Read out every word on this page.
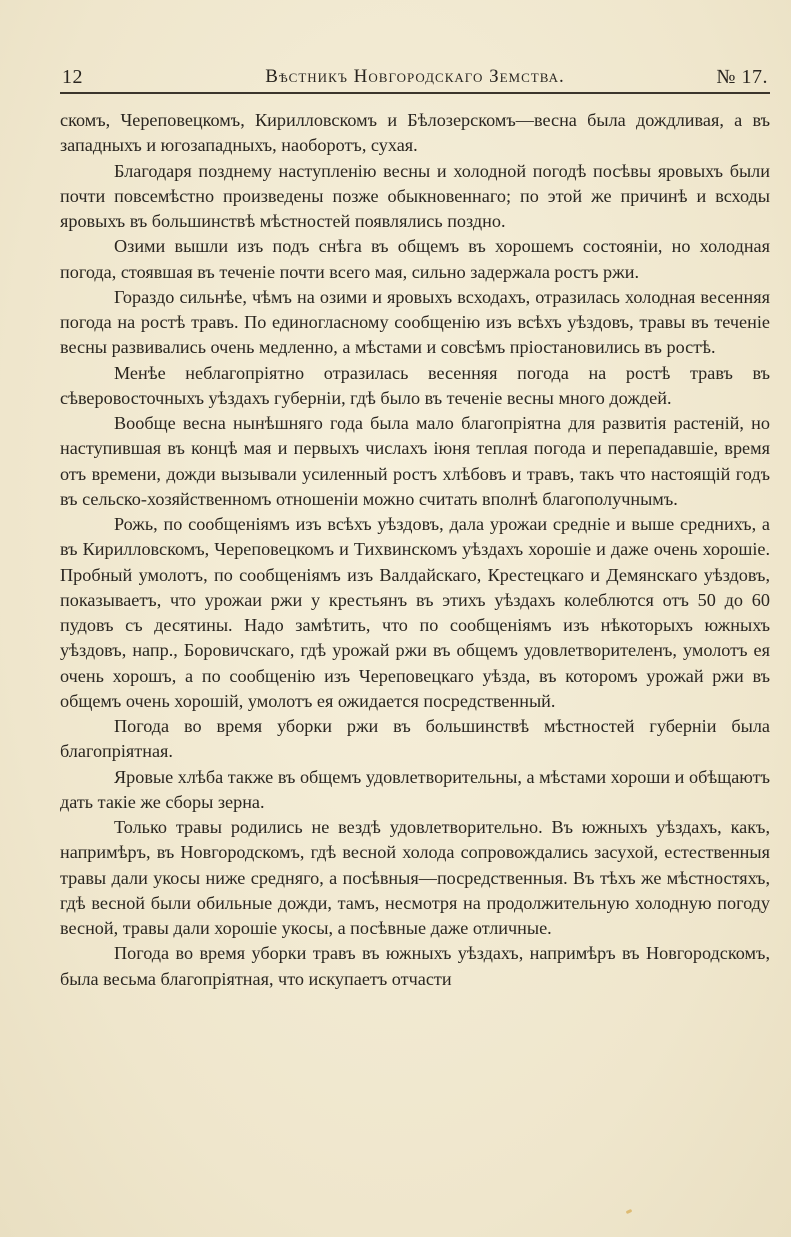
12	Вѣстникъ Новгородскаго Земства.	№ 17.

скомъ, Череповецкомъ, Кирилловскомъ и Бѣлозерскомъ—весна была дождливая, а въ западныхъ и югозападныхъ, наоборотъ, сухая.

Благодаря позднему наступленію весны и холодной погодѣ посѣвы яровыхъ были почти повсемѣстно произведены позже обыкновеннаго; по этой же причинѣ и всходы яровыхъ въ большинствѣ мѣстностей появлялись поздно.

Озими вышли изъ подъ снѣга въ общемъ въ хорошемъ состояніи, но холодная погода, стоявшая въ теченіе почти всего мая, сильно задержала ростъ ржи.

Гораздо сильнѣе, чѣмъ на озими и яровыхъ всходахъ, отразилась холодная весенняя погода на ростѣ травъ. По единогласному сообщенію изъ всѣхъ уѣздовъ, травы въ теченіе весны развивались очень медленно, а мѣстами и совсѣмъ пріостановились въ ростѣ.

Менѣе неблагопріятно отразилась весенняя погода на ростѣ травъ въ сѣверовосточныхъ уѣздахъ губерніи, гдѣ было въ теченіе весны много дождей.

Вообще весна нынѣшняго года была мало благопріятна для развитія растеній, но наступившая въ концѣ мая и первыхъ числахъ іюня теплая погода и перепадавшіе, время отъ времени, дожди вызывали усиленный ростъ хлѣбовъ и травъ, такъ что настоящій годъ въ сельско-хозяйственномъ отношеніи можно считать вполнѣ благополучнымъ.

Рожь, по сообщеніямъ изъ всѣхъ уѣздовъ, дала урожаи средніе и выше среднихъ, а въ Кирилловскомъ, Череповецкомъ и Тихвинскомъ уѣздахъ хорошіе и даже очень хорошіе. Пробный умолотъ, по сообщеніямъ изъ Валдайскаго, Крестецкаго и Демянскаго уѣздовъ, показываетъ, что урожаи ржи у крестьянъ въ этихъ уѣздахъ колеблются отъ 50 до 60 пудовъ съ десятины. Надо замѣтить, что по сообщеніямъ изъ нѣкоторыхъ южныхъ уѣздовъ, напр., Боровичскаго, гдѣ урожай ржи въ общемъ удовлетворителенъ, умолотъ ея очень хорошъ, а по сообщенію изъ Череповецкаго уѣзда, въ которомъ урожай ржи въ общемъ очень хорошій, умолотъ ея ожидается посредственный.

Погода во время уборки ржи въ большинствѣ мѣстностей губерніи была благопріятная.

Яровые хлѣба также въ общемъ удовлетворительны, а мѣстами хороши и обѣщаютъ дать такіе же сборы зерна.

Только травы родились не вездѣ удовлетворительно. Въ южныхъ уѣздахъ, какъ, напримѣръ, въ Новгородскомъ, гдѣ весной холода сопровождались засухой, естественныя травы дали укосы ниже средняго, а посѣвныя—посредственныя. Въ тѣхъ же мѣстностяхъ, гдѣ весной были обильные дожди, тамъ, несмотря на продолжительную холодную погоду весной, травы дали хорошіе укосы, а посѣвные даже отличные.

Погода во время уборки травъ въ южныхъ уѣздахъ, напримѣръ въ Новгородскомъ, была весьма благопріятная, что искупаетъ отчасти
